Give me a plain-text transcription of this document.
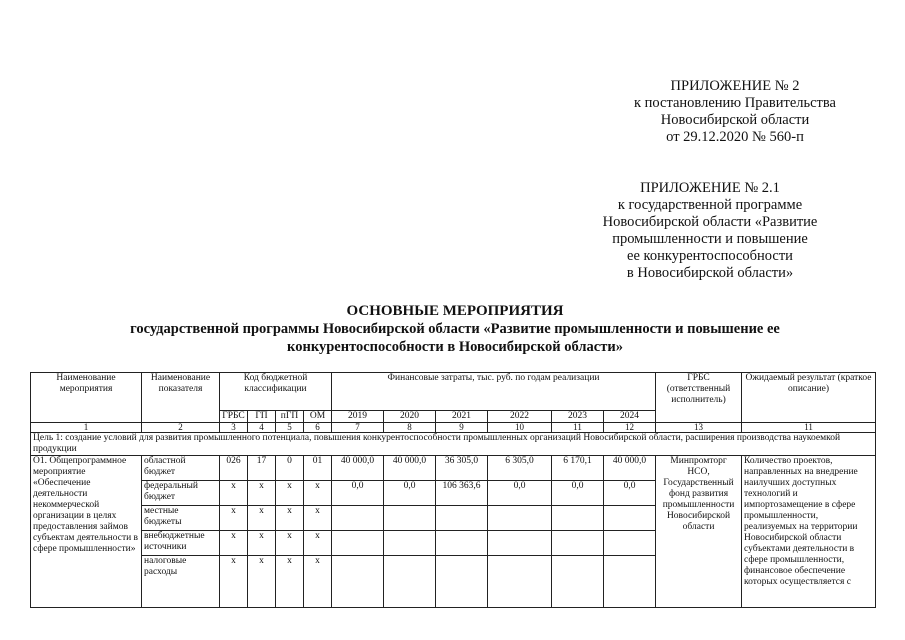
ПРИЛОЖЕНИЕ № 2
к постановлению Правительства
Новосибирской области
от 29.12.2020 № 560-п
ПРИЛОЖЕНИЕ № 2.1
к государственной программе
Новосибирской области «Развитие
промышленности и повышение
ее конкурентоспособности
в Новосибирской области»
ОСНОВНЫЕ МЕРОПРИЯТИЯ
государственной программы Новосибирской области «Развитие промышленности и повышение ее
конкурентоспособности в Новосибирской области»
Наименование мероприятия	Наименование показателя	Код бюджетной классификации				Финансовые затраты, тыс. руб. по годам реализации						ГРБС (ответственный исполнитель)	Ожидаемый результат (краткое описание)
		ГРБС	ГП	пГП	ОМ	2019	2020	2021	2022	2023	2024		
1	2	3	4	5	6	7	8	9	10	11	12	13	11
Цель 1: создание условий для развития промышленного потенциала, повышения конкурентоспособности промышленных организаций Новосибирской области, расширения производства наукоемкой продукции													
О1. Общепрограммное мероприятие «Обеспечение деятельности некоммерческой организации в целях предоставления займов субъектам деятельности в сфере промышленности»	областной бюджет	026	17	0	01	40 000,0	40 000,0	36 305,0	6 305,0	6 170,1	40 000,0	Минпромторг НСО, Государственный фонд развития промышленности Новосибирской области	Количество проектов, направленных на внедрение наилучших доступных технологий и импортозамещение в сфере промышленности, реализуемых на территории Новосибирской области субъектами деятельности в сфере промышленности, финансовое обеспечение которых осуществляется с
	федеральный бюджет	х	х	х	х	0,0	0,0	106 363,6	0,0	0,0	0,0		
	местные бюджеты	х	х	х	х								
	внебюджетные источники	х	х	х	х								
	налоговые расходы	х	х	х	х								
